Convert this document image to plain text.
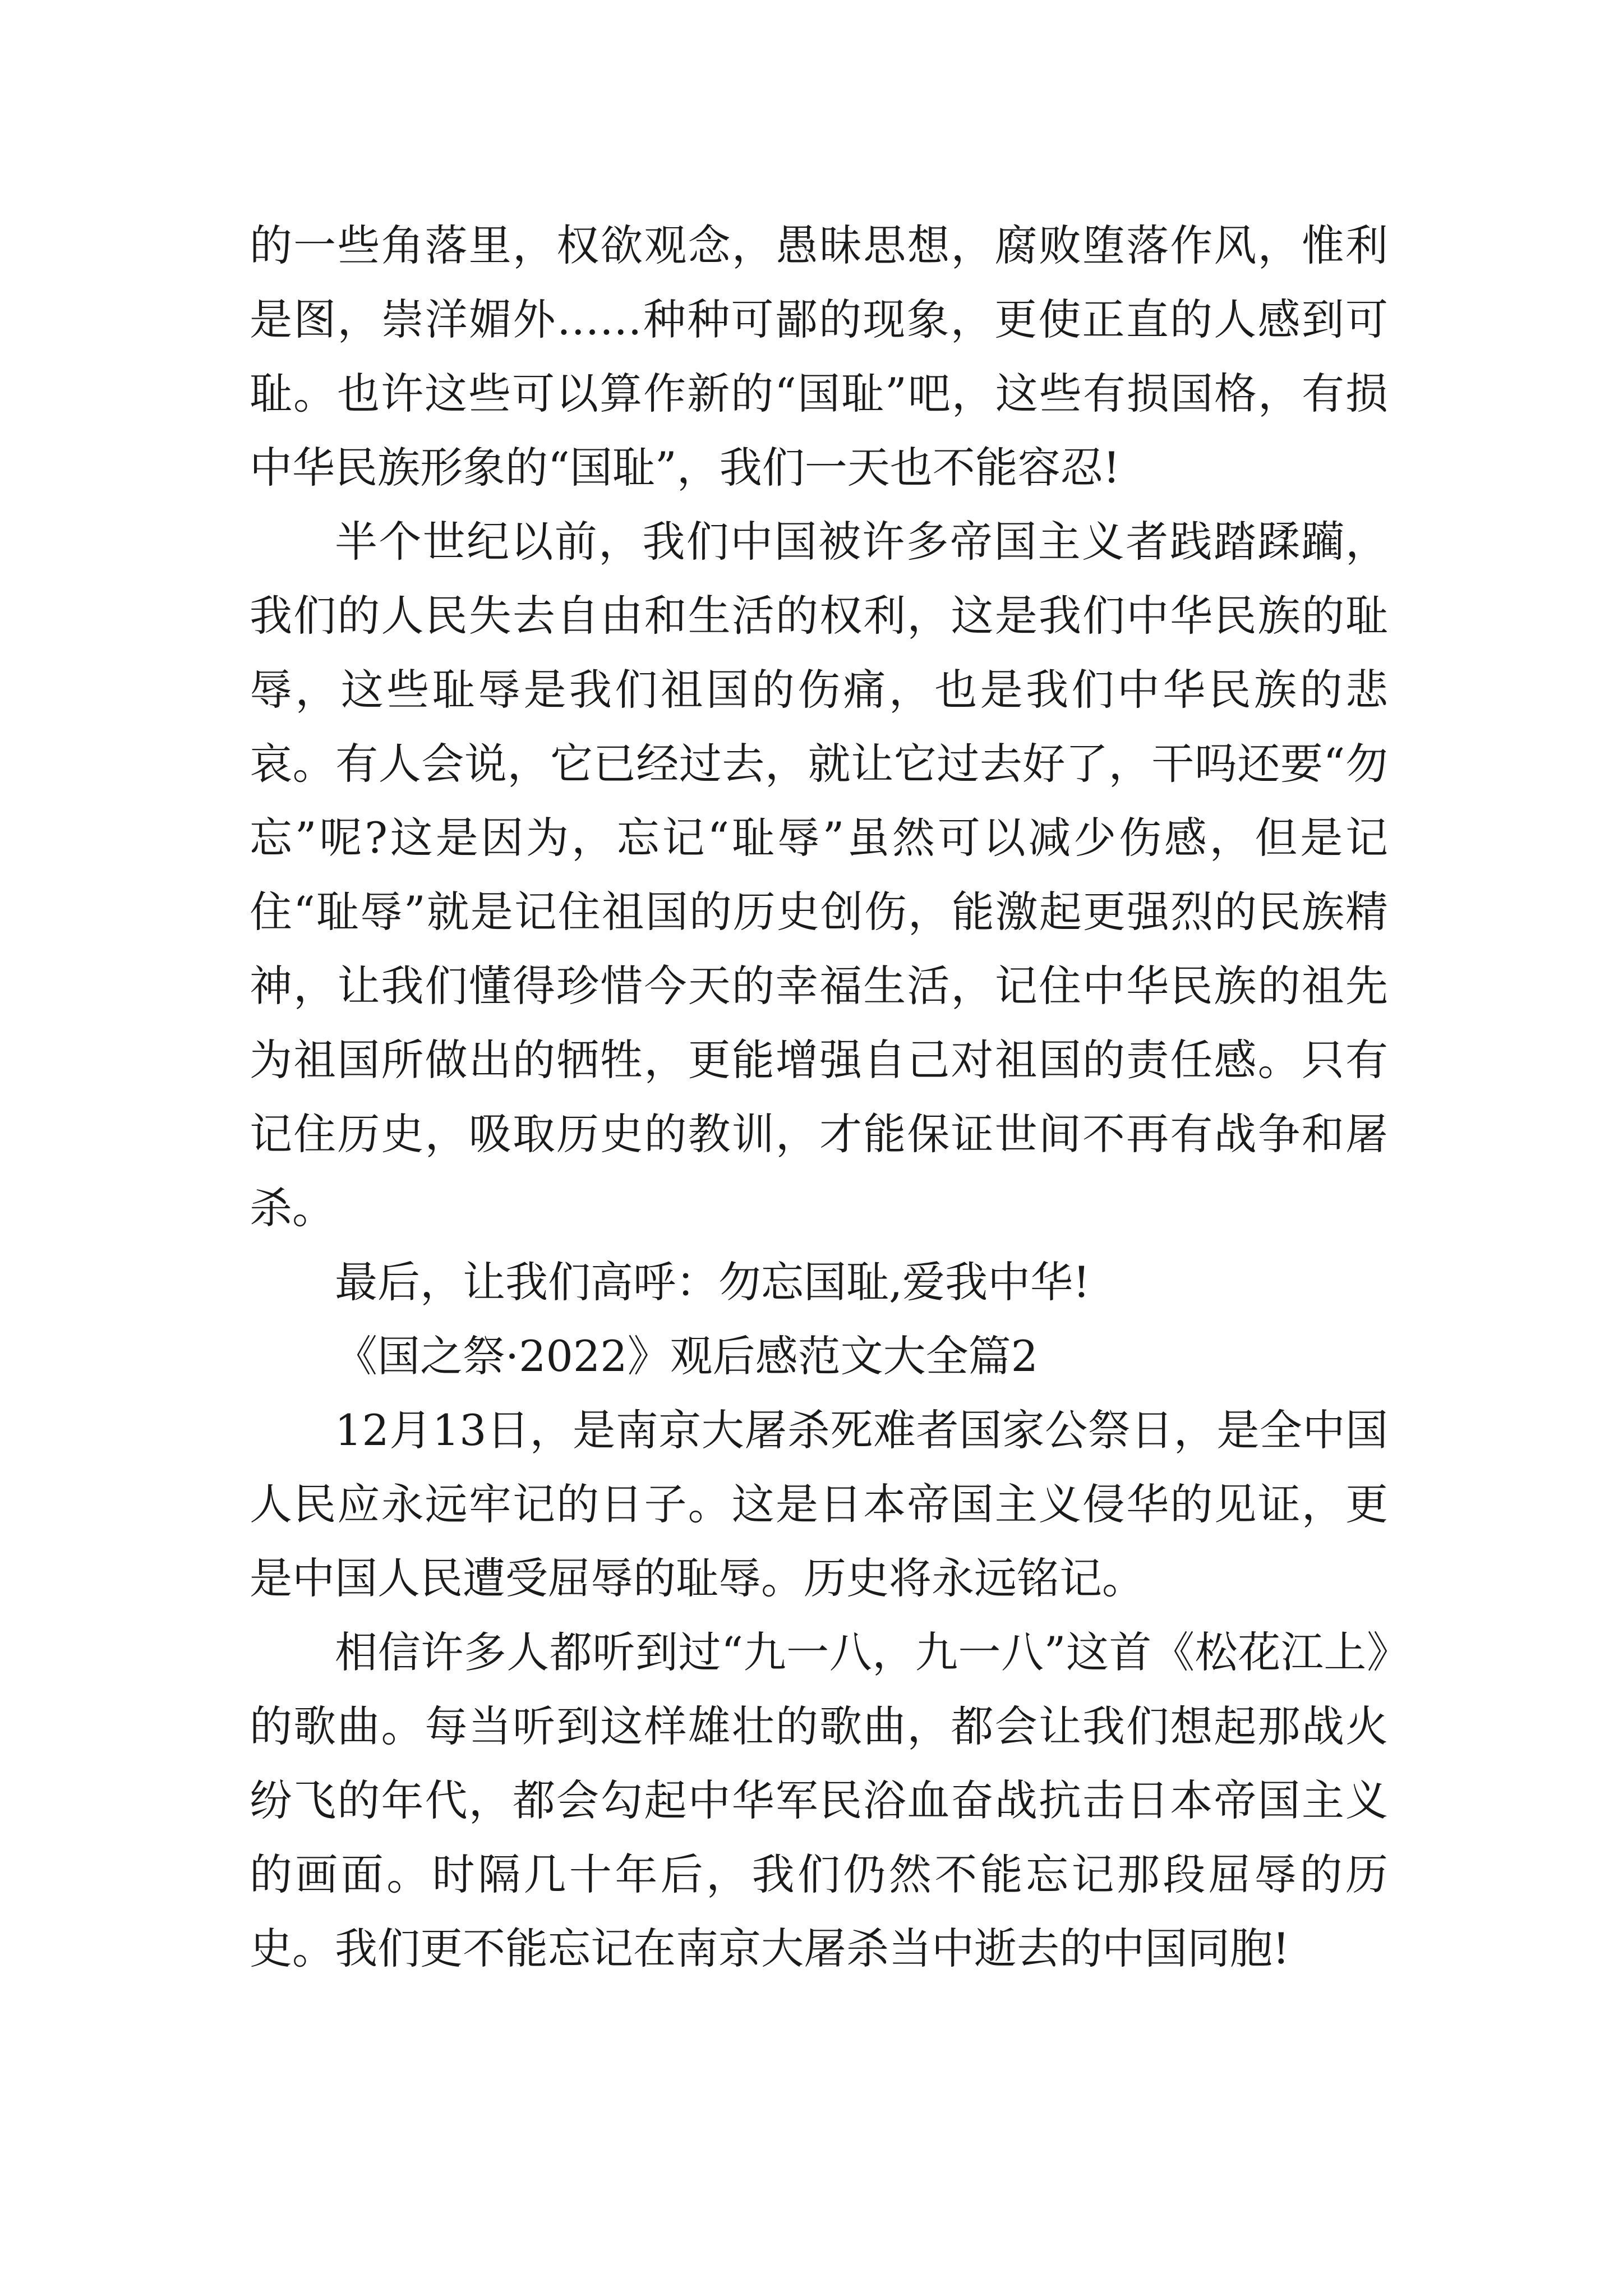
的一些角落里，权欲观念，愚昧思想，腐败堕落作风，惟利是图，崇洋媚外……种种可鄙的现象，更使正直的人感到可耻。也许这些可以算作新的“国耻”吧，这些有损国格，有损中华民族形象的“国耻”，我们一天也不能容忍!

半个世纪以前，我们中国被许多帝国主义者践踏蹂躏，我们的人民失去自由和生活的权利，这是我们中华民族的耻辱，这些耻辱是我们祖国的伤痛，也是我们中华民族的悲哀。有人会说，它已经过去，就让它过去好了，干吗还要“勿忘”呢?这是因为，忘记“耻辱”虽然可以减少伤感，但是记住“耻辱”就是记住祖国的历史创伤，能激起更强烈的民族精神，让我们懂得珍惜今天的幸福生活，记住中华民族的祖先为祖国所做出的牺牲，更能增强自己对祖国的责任感。只有记住历史，吸取历史的教训，才能保证世间不再有战争和屠杀。

最后，让我们高呼：勿忘国耻,爱我中华!

《国之祭·2022》观后感范文大全篇2

12月13日，是南京大屠杀死难者国家公祭日，是全中国人民应永远牢记的日子。这是日本帝国主义侵华的见证，更是中国人民遭受屈辱的耻辱。历史将永远铭记。

相信许多人都听到过“九一八，九一八”这首《松花江上》的歌曲。每当听到这样雄壮的歌曲，都会让我们想起那战火纷飞的年代，都会勾起中华军民浴血奋战抗击日本帝国主义的画面。时隔几十年后，我们仍然不能忘记那段屈辱的历史。我们更不能忘记在南京大屠杀当中逝去的中国同胞!
